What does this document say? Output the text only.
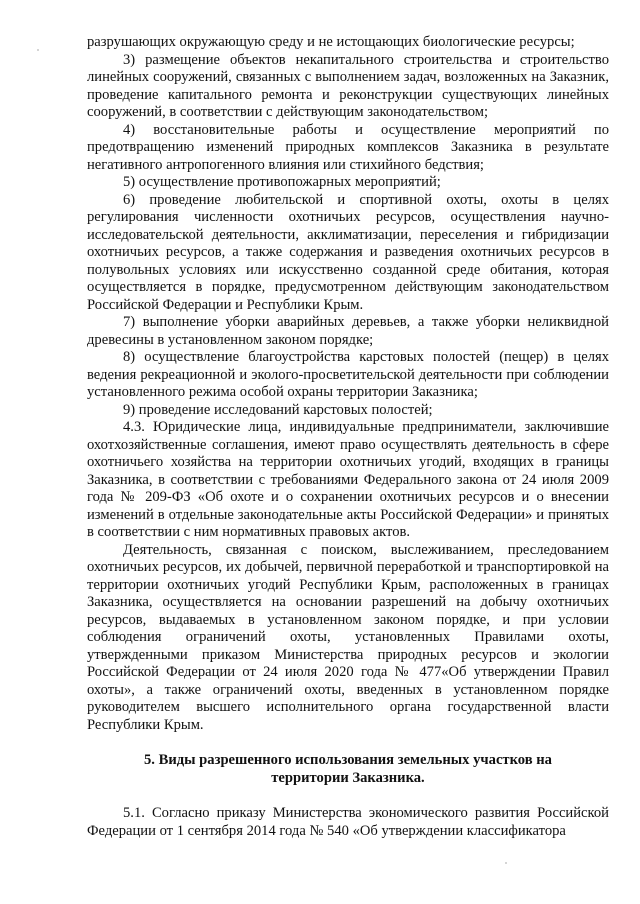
разрушающих окружающую среду и не истощающих биологические ресурсы;

3) размещение объектов некапитального строительства и строительство линейных сооружений, связанных с выполнением задач, возложенных на Заказник, проведение капитального ремонта и реконструкции существующих линейных сооружений, в соответствии с действующим законодательством;

4) восстановительные работы и осуществление мероприятий по предотвращению изменений природных комплексов Заказника в результате негативного антропогенного влияния или стихийного бедствия;

5) осуществление противопожарных мероприятий;

6) проведение любительской и спортивной охоты, охоты в целях регулирования численности охотничьих ресурсов, осуществления научно-исследовательской деятельности, акклиматизации, переселения и гибридизации охотничьих ресурсов, а также содержания и разведения охотничьих ресурсов в полувольных условиях или искусственно созданной среде обитания, которая осуществляется в порядке, предусмотренном действующим законодательством Российской Федерации и Республики Крым.

7) выполнение уборки аварийных деревьев, а также уборки неликвидной древесины в установленном законом порядке;

8) осуществление благоустройства карстовых полостей (пещер) в целях ведения рекреационной и эколого-просветительской деятельности при соблюдении установленного режима особой охраны территории Заказника;

9) проведение исследований карстовых полостей;

4.3. Юридические лица, индивидуальные предприниматели, заключившие охотхозяйственные соглашения, имеют право осуществлять деятельность в сфере охотничьего хозяйства на территории охотничьих угодий, входящих в границы Заказника, в соответствии с требованиями Федерального закона от 24 июля 2009 года № 209-ФЗ «Об охоте и о сохранении охотничьих ресурсов и о внесении изменений в отдельные законодательные акты Российской Федерации» и принятых в соответствии с ним нормативных правовых актов.

Деятельность, связанная с поиском, выслеживанием, преследованием охотничьих ресурсов, их добычей, первичной переработкой и транспортировкой на территории охотничьих угодий Республики Крым, расположенных в границах Заказника, осуществляется на основании разрешений на добычу охотничьих ресурсов, выдаваемых в установленном законом порядке, и при условии соблюдения ограничений охоты, установленных Правилами охоты, утвержденными приказом Министерства природных ресурсов и экологии Российской Федерации от 24 июля 2020 года № 477«Об утверждении Правил охоты», а также ограничений охоты, введенных в установленном порядке руководителем высшего исполнительного органа государственной власти Республики Крым.

5. Виды разрешенного использования земельных участков на
территории Заказника.

5.1. Согласно приказу Министерства экономического развития Российской Федерации от 1 сентября 2014 года № 540 «Об утверждении классификатора
